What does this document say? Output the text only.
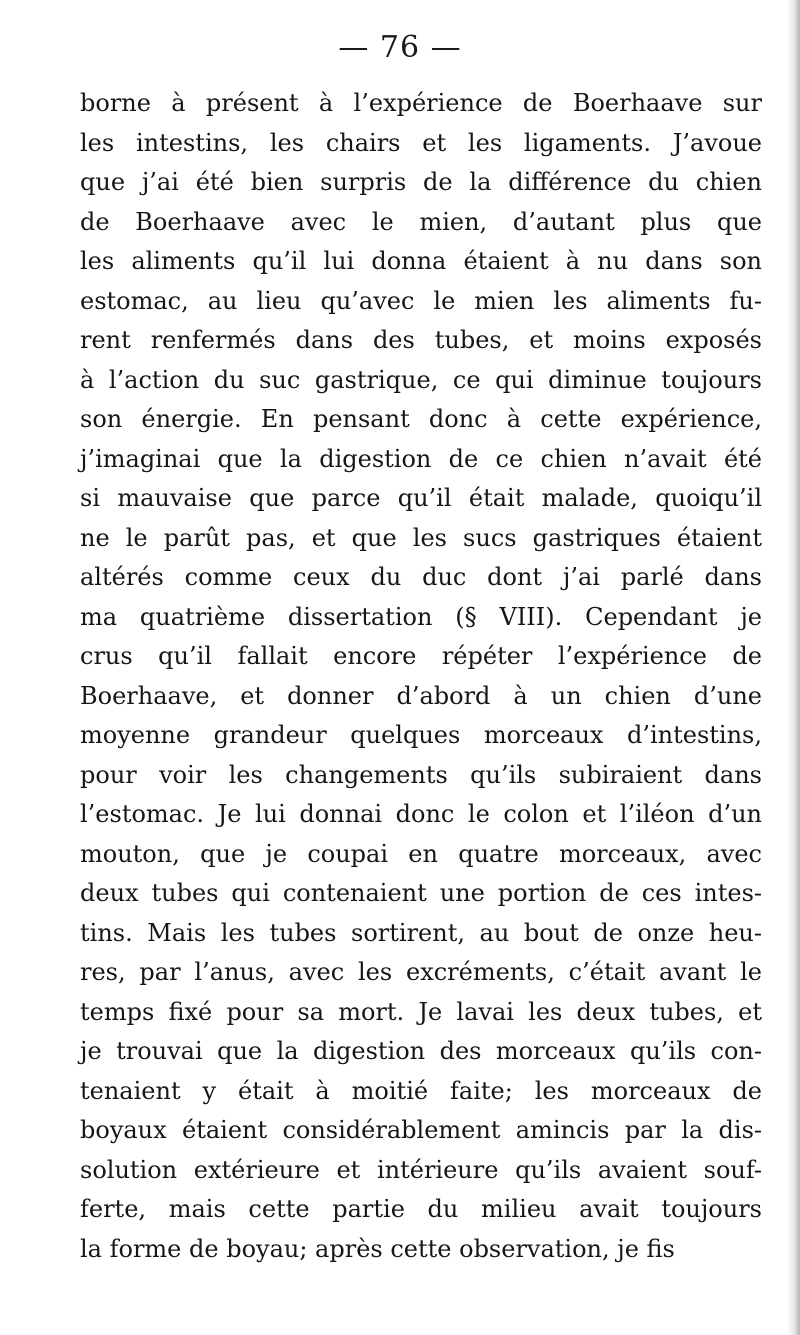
— 76 —
borne à présent à l’expérience de Boerhaave sur
les intestins, les chairs et les ligaments. J’avoue
que j’ai été bien surpris de la différence du chien
de Boerhaave avec le mien, d’autant plus que
les aliments qu’il lui donna étaient à nu dans son
estomac, au lieu qu’avec le mien les aliments fu-
rent renfermés dans des tubes, et moins exposés
à l’action du suc gastrique, ce qui diminue toujours
son énergie. En pensant donc à cette expérience,
j’imaginai que la digestion de ce chien n’avait été
si mauvaise que parce qu’il était malade, quoiqu’il
ne le parût pas, et que les sucs gastriques étaient
altérés comme ceux du duc dont j’ai parlé dans
ma quatrième dissertation (§ VIII). Cependant je
crus qu’il fallait encore répéter l’expérience de
Boerhaave, et donner d’abord à un chien d’une
moyenne grandeur quelques morceaux d’intestins,
pour voir les changements qu’ils subiraient dans
l’estomac. Je lui donnai donc le colon et l’iléon d’un
mouton, que je coupai en quatre morceaux, avec
deux tubes qui contenaient une portion de ces intes-
tins. Mais les tubes sortirent, au bout de onze heu-
res, par l’anus, avec les excréments, c’était avant le
temps fixé pour sa mort. Je lavai les deux tubes, et
je trouvai que la digestion des morceaux qu’ils con-
tenaient y était à moitié faite; les morceaux de
boyaux étaient considérablement amincis par la dis-
solution extérieure et intérieure qu’ils avaient souf-
ferte, mais cette partie du milieu avait toujours
la forme de boyau; après cette observation, je fis
